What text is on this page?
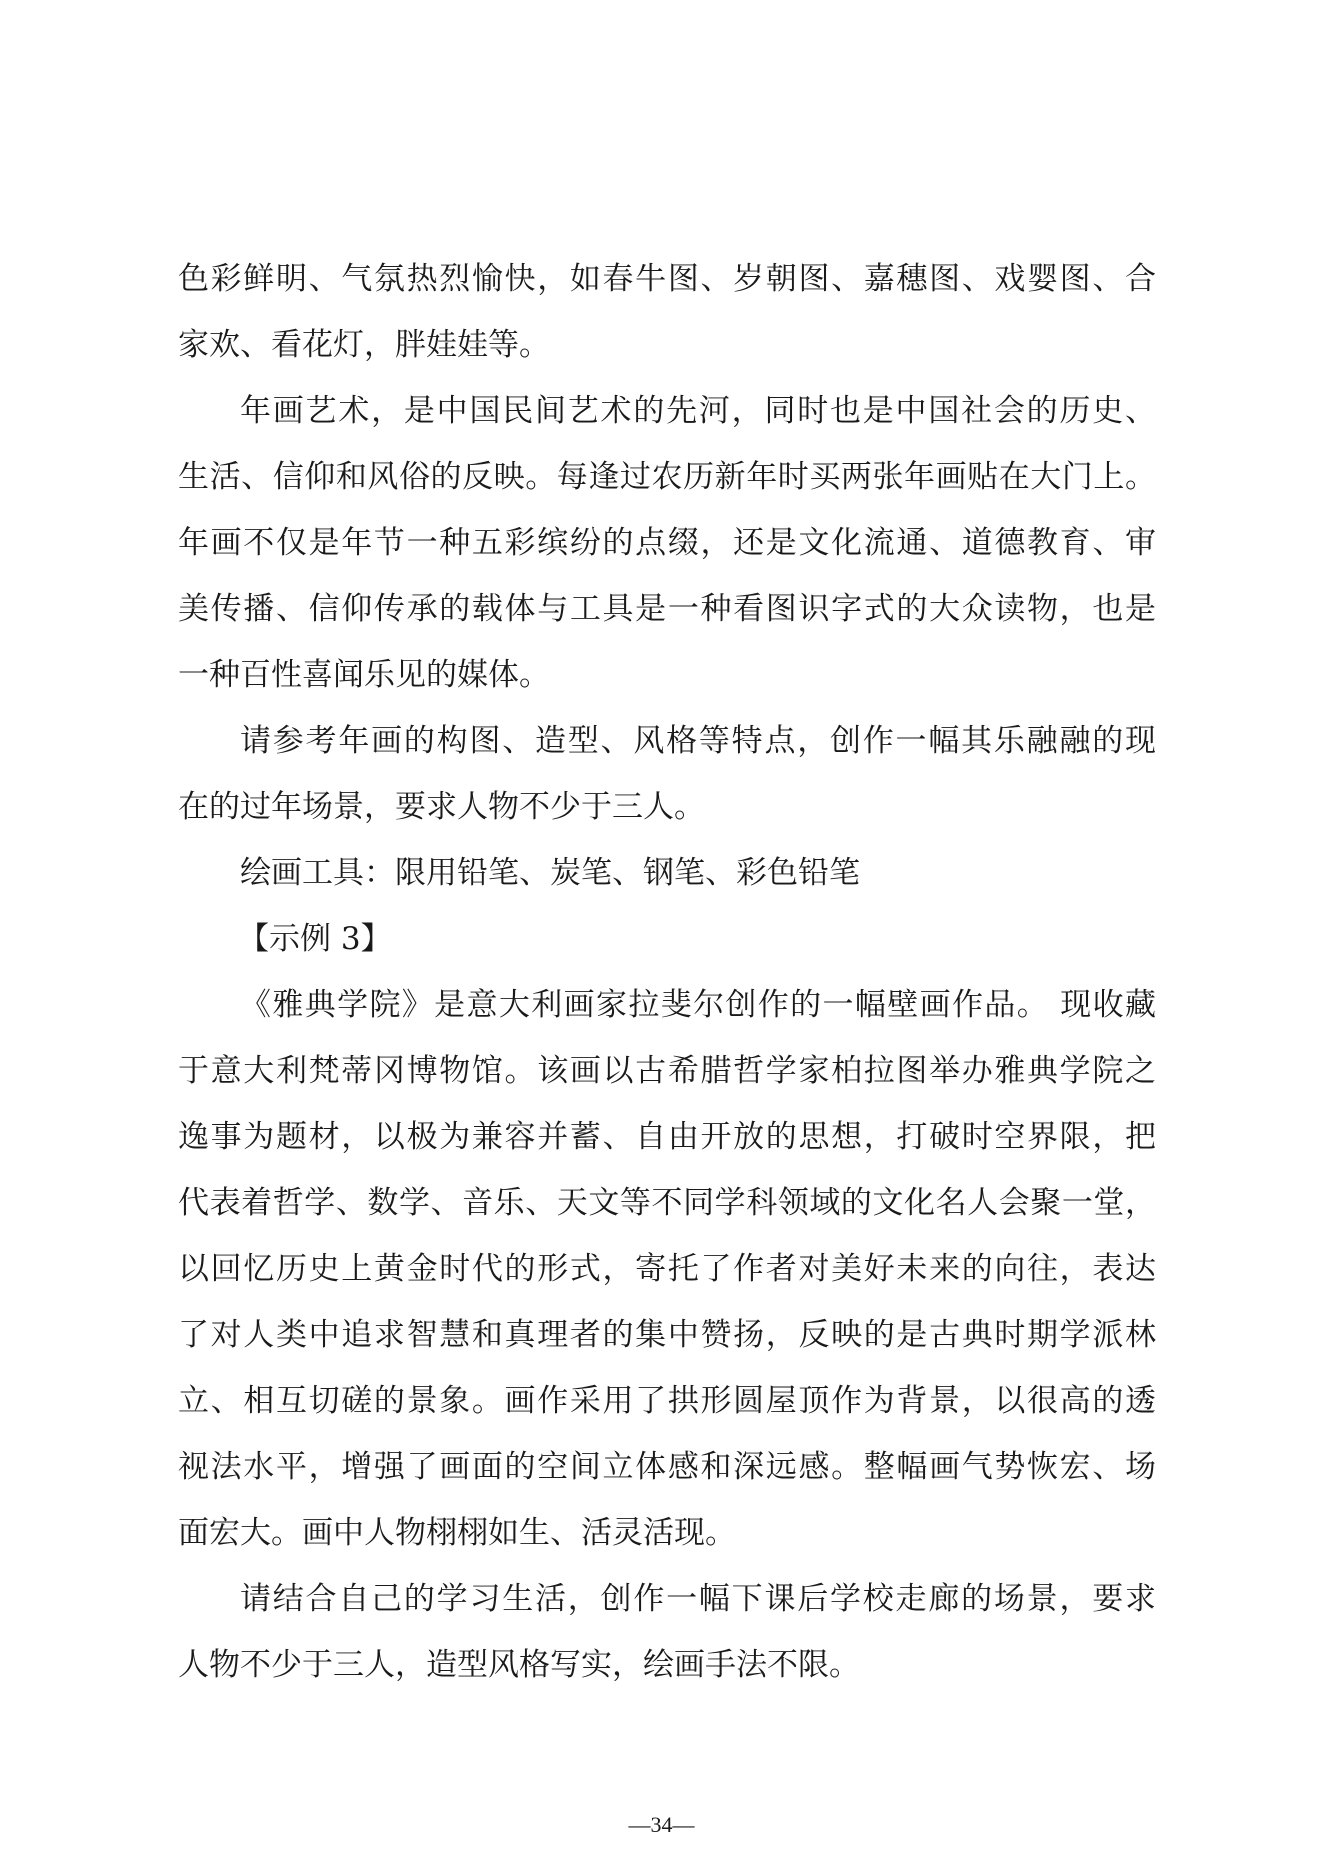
色彩鲜明、气氛热烈愉快，如春牛图、岁朝图、嘉穗图、戏婴图、合
家欢、看花灯，胖娃娃等。

年画艺术，是中国民间艺术的先河，同时也是中国社会的历史、
生活、信仰和风俗的反映。每逢过农历新年时买两张年画贴在大门上。
年画不仅是年节一种五彩缤纷的点缀，还是文化流通、道德教育、审
美传播、信仰传承的载体与工具是一种看图识字式的大众读物，也是
一种百性喜闻乐见的媒体。

请参考年画的构图、造型、风格等特点，创作一幅其乐融融的现
在的过年场景，要求人物不少于三人。

绘画工具：限用铅笔、炭笔、钢笔、彩色铅笔

【示例 3】

《雅典学院》是意大利画家拉斐尔创作的一幅壁画作品。 现收藏
于意大利梵蒂冈博物馆。该画以古希腊哲学家柏拉图举办雅典学院之
逸事为题材，以极为兼容并蓄、自由开放的思想，打破时空界限，把
代表着哲学、数学、音乐、天文等不同学科领域的文化名人会聚一堂，
以回忆历史上黄金时代的形式，寄托了作者对美好未来的向往，表达
了对人类中追求智慧和真理者的集中赞扬，反映的是古典时期学派林
立、相互切磋的景象。画作采用了拱形圆屋顶作为背景，以很高的透
视法水平，增强了画面的空间立体感和深远感。整幅画气势恢宏、场
面宏大。画中人物栩栩如生、活灵活现。

请结合自己的学习生活，创作一幅下课后学校走廊的场景，要求
人物不少于三人，造型风格写实，绘画手法不限。

—34—
